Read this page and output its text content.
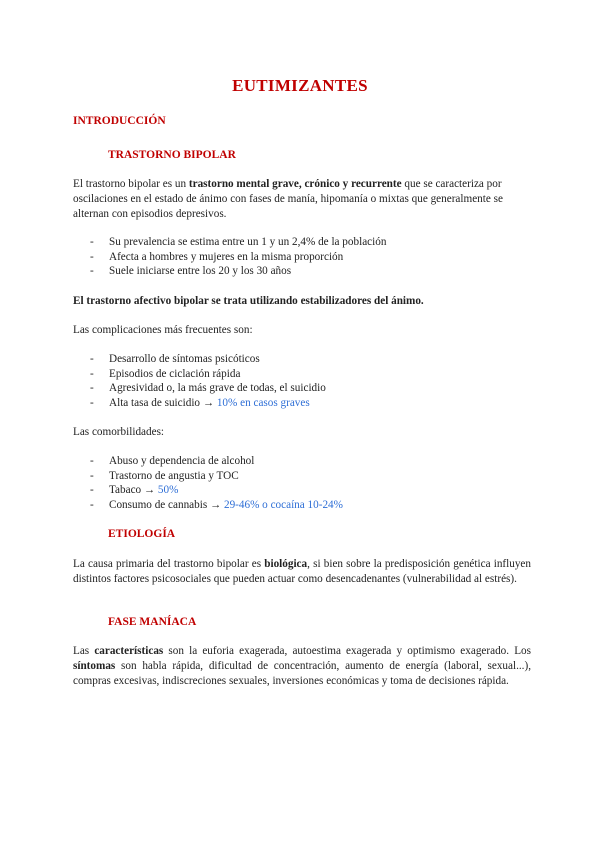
EUTIMIZANTES
INTRODUCCIÓN
TRASTORNO BIPOLAR

El trastorno bipolar es un trastorno mental grave, crónico y recurrente que se caracteriza por oscilaciones en el estado de ánimo con fases de manía, hipomanía o mixtas que generalmente se alternan con episodios depresivos.

- Su prevalencia se estima entre un 1 y un 2,4% de la población
- Afecta a hombres y mujeres en la misma proporción
- Suele iniciarse entre los 20 y los 30 años

El trastorno afectivo bipolar se trata utilizando estabilizadores del ánimo.

Las complicaciones más frecuentes son:

- Desarrollo de síntomas psicóticos
- Episodios de ciclación rápida
- Agresividad o, la más grave de todas, el suicidio
- Alta tasa de suicidio → 10% en casos graves

Las comorbilidades:

- Abuso y dependencia de alcohol
- Trastorno de angustia y TOC
- Tabaco → 50%
- Consumo de cannabis → 29-46% o cocaína 10-24%
ETIOLOGÍA

La causa primaria del trastorno bipolar es biológica, si bien sobre la predisposición genética influyen distintos factores psicosociales que pueden actuar como desencadenantes (vulnerabilidad al estrés).

FASE MANÍACA

Las características son la euforia exagerada, autoestima exagerada y optimismo exagerado. Los síntomas son habla rápida, dificultad de concentración, aumento de energía (laboral, sexual...), compras excesivas, indiscreciones sexuales, inversiones económicas y toma de decisiones rápida.
